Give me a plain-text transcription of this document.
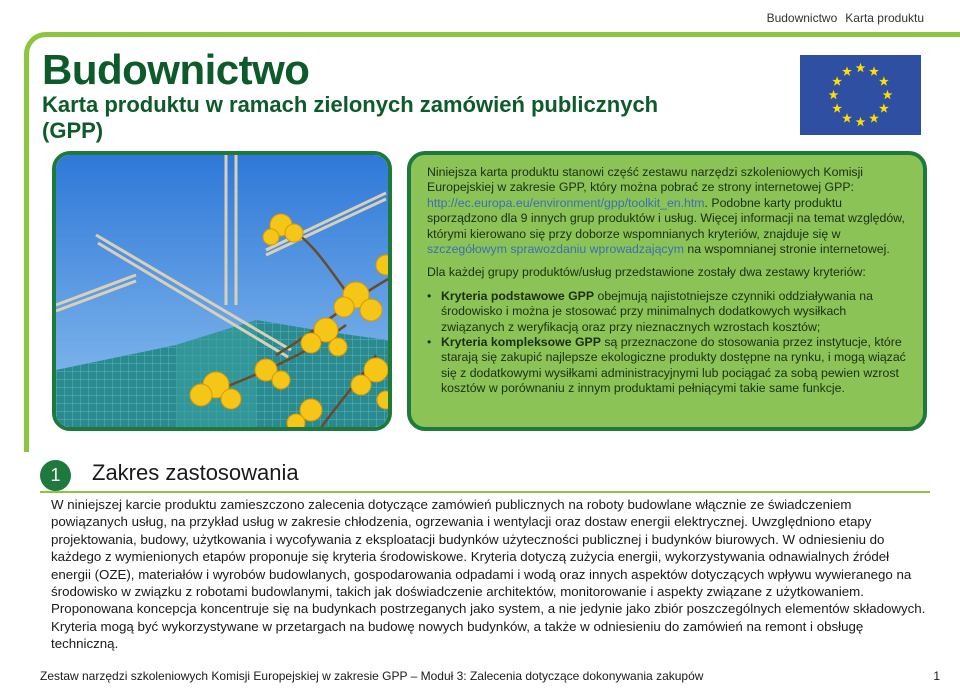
Budownictwo Karta produktu
Budownictwo
Karta produktu w ramach zielonych zamówień publicznych (GPP)

Niniejsza karta produktu stanowi część zestawu narzędzi szkoleniowych Komisji Europejskiej w zakresie GPP, który można pobrać ze strony internetowej GPP: http://ec.europa.eu/environment/gpp/toolkit_en.htm. Podobne karty produktu sporządzono dla 9 innych grup produktów i usług. Więcej informacji na temat względów, którymi kierowano się przy doborze wspomnianych kryteriów, znajduje się w szczegółowym sprawozdaniu wprowadzającym na wspomnianej stronie internetowej.

Dla każdej grupy produktów/usług przedstawione zostały dwa zestawy kryteriów:

• Kryteria podstawowe GPP obejmują najistotniejsze czynniki oddziaływania na środowisko i można je stosować przy minimalnych dodatkowych wysiłkach związanych z weryfikacją oraz przy nieznacznych wzrostach kosztów;
• Kryteria kompleksowe GPP są przeznaczone do stosowania przez instytucje, które starają się zakupić najlepsze ekologiczne produkty dostępne na rynku, i mogą wiązać się z dodatkowymi wysiłkami administracyjnymi lub pociągać za sobą pewien wzrost kosztów w porównaniu z innym produktami pełniącymi takie same funkcje.
1	Zakres zastosowania

W niniejszej karcie produktu zamieszczono zalecenia dotyczące zamówień publicznych na roboty budowlane włącznie ze świadczeniem powiązanych usług, na przykład usług w zakresie chłodzenia, ogrzewania i wentylacji oraz dostaw energii elektrycznej. Uwzględniono etapy projektowania, budowy, użytkowania i wycofywania z eksploatacji budynków użyteczności publicznej i budynków biurowych. W odniesieniu do każdego z wymienionych etapów proponuje się kryteria środowiskowe. Kryteria dotyczą zużycia energii, wykorzystywania odnawialnych źródeł energii (OZE), materiałów i wyrobów budowlanych, gospodarowania odpadami i wodą oraz innych aspektów dotyczących wpływu wywieranego na środowisko w związku z robotami budowlanymi, takich jak doświadczenie architektów, monitorowanie i aspekty związane z użytkowaniem. Proponowana koncepcja koncentruje się na budynkach postrzeganych jako system, a nie jedynie jako zbiór poszczególnych elementów składowych. Kryteria mogą być wykorzystywane w przetargach na budowę nowych budynków, a także w odniesieniu do zamówień na remont i obsługę techniczną.

Zestaw narzędzi szkoleniowych Komisji Europejskiej w zakresie GPP – Moduł 3: Zalecenia dotyczące dokonywania zakupów	1
